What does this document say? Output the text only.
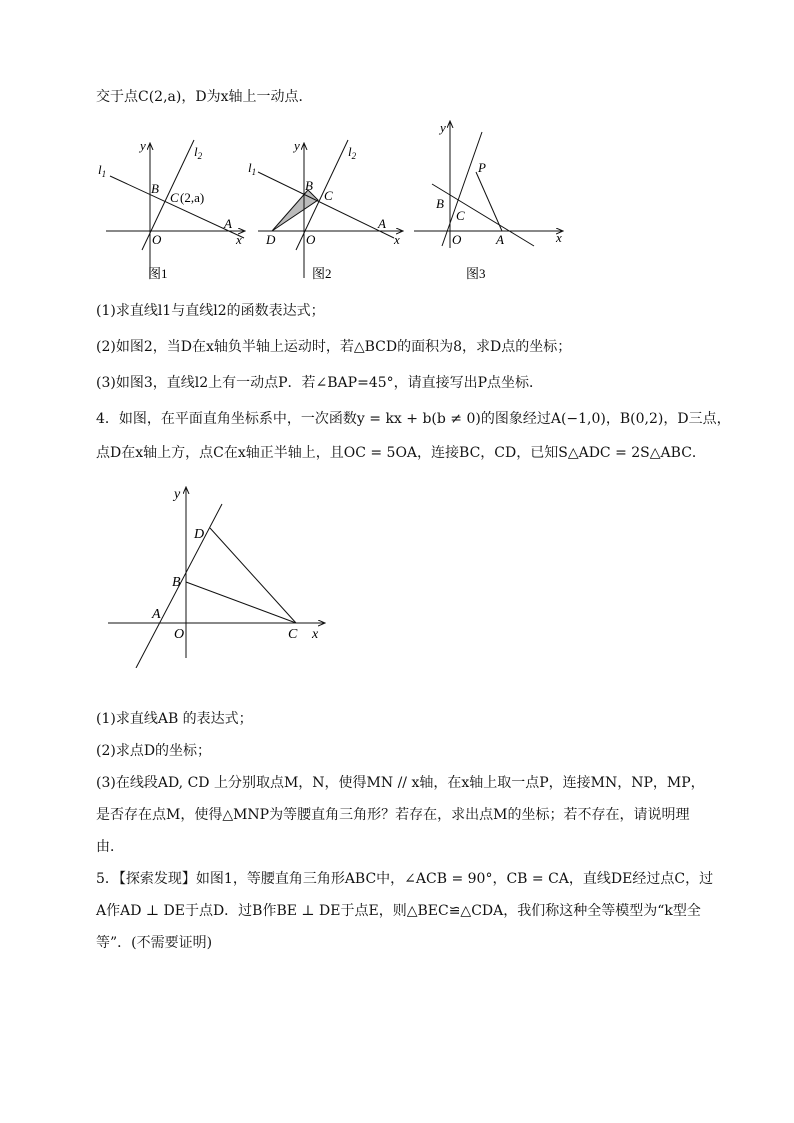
交于点C(2,a)，D为x轴上一动点．
y
x
$l_1$
$l_2$
B
C (2,a)
A
O
图1
y
x
$l_1$
$l_2$
B
C
A
O
D
图2
y
x
P
B
C
O	A
图3
(1)求直线l1与直线l2的函数表达式；
(2)如图2，当D在x轴负半轴上运动时，若△BCD的面积为8，求D点的坐标；
(3)如图3，直线l2上有一动点P．若∠BAP=45°，请直接写出P点坐标．
4．如图，在平面直角坐标系中，一次函数y = kx + b(b ≠ 0)的图象经过A(−1,0)，B(0,2)，D三点，
点D在x轴上方，点C在x轴正半轴上，且OC = 5OA，连接BC，CD，已知S△ADC = 2S△ABC．
y
x
D
B
A
O	C
(1)求直线AB 的表达式；
(2)求点D的坐标；
(3)在线段AD, CD 上分别取点M，N，使得MN // x轴，在x轴上取一点P，连接MN，NP，MP，
是否存在点M，使得△MNP为等腰直角三角形？若存在，求出点M的坐标；若不存在，请说明理
由．
5．【探索发现】如图1，等腰直角三角形ABC中，∠ACB = 90°，CB = CA，直线DE经过点C，过
A作AD ⊥ DE于点D．过B作BE ⊥ DE于点E，则△BEC≌△CDA，我们称这种全等模型为“k型全
等”．(不需要证明)
